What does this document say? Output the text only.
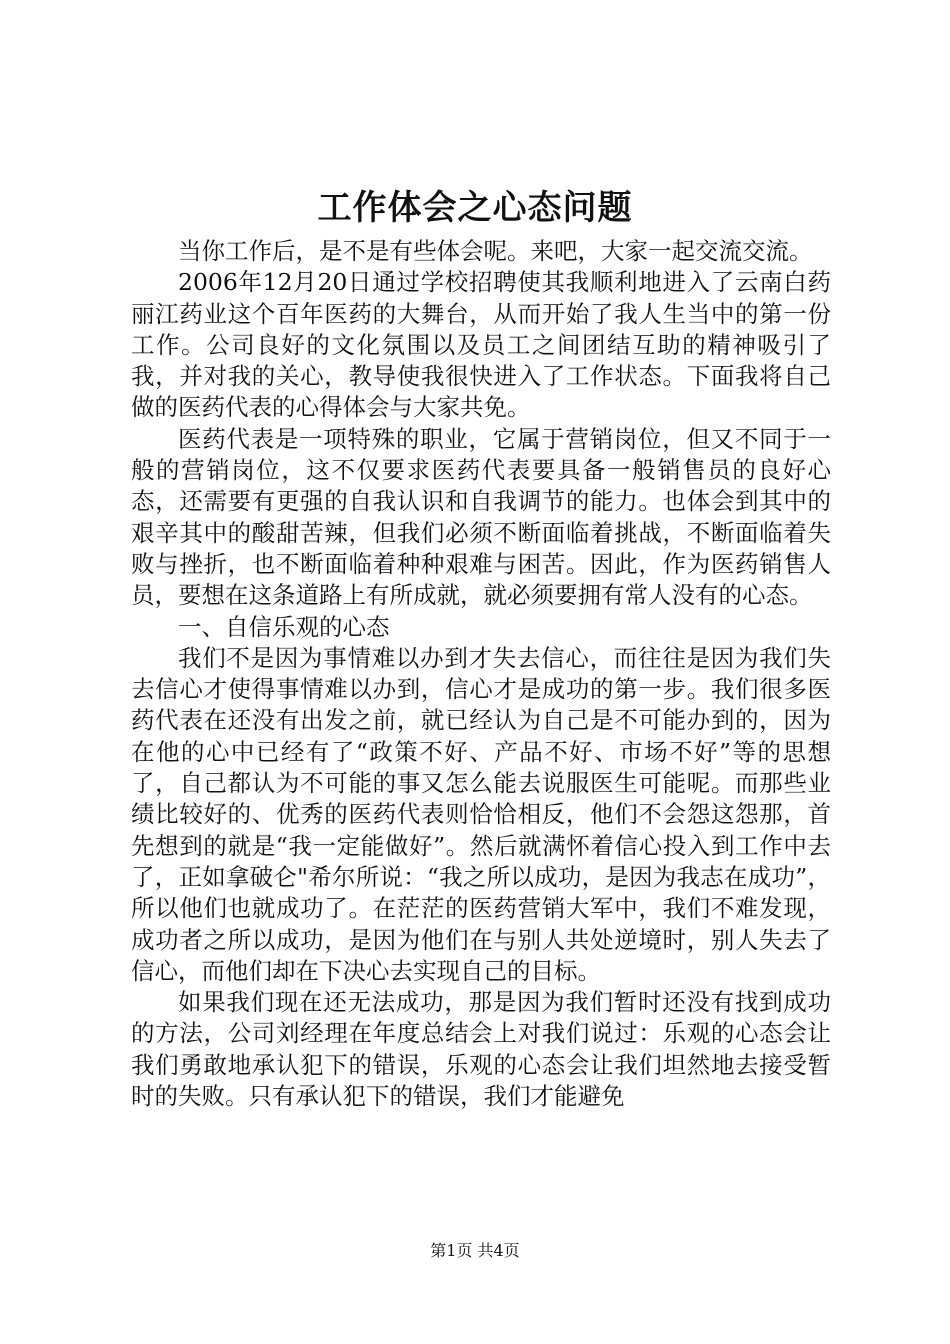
工作体会之心态问题

当你工作后，是不是有些体会呢。来吧，大家一起交流交流。

2006年12月20日通过学校招聘使其我顺利地进入了云南白药丽江药业这个百年医药的大舞台，从而开始了我人生当中的第一份工作。公司良好的文化氛围以及员工之间团结互助的精神吸引了我，并对我的关心，教导使我很快进入了工作状态。下面我将自己做的医药代表的心得体会与大家共免。

医药代表是一项特殊的职业，它属于营销岗位，但又不同于一般的营销岗位，这不仅要求医药代表要具备一般销售员的良好心态，还需要有更强的自我认识和自我调节的能力。也体会到其中的艰辛其中的酸甜苦辣，但我们必须不断面临着挑战，不断面临着失败与挫折，也不断面临着种种艰难与困苦。因此，作为医药销售人员，要想在这条道路上有所成就，就必须要拥有常人没有的心态。

一、自信乐观的心态

我们不是因为事情难以办到才失去信心，而往往是因为我们失去信心才使得事情难以办到，信心才是成功的第一步。我们很多医药代表在还没有出发之前，就已经认为自己是不可能办到的，因为在他的心中已经有了“政策不好、产品不好、市场不好”等的思想了，自己都认为不可能的事又怎么能去说服医生可能呢。而那些业绩比较好的、优秀的医药代表则恰恰相反，他们不会怨这怨那，首先想到的就是“我一定能做好”。然后就满怀着信心投入到工作中去了，正如拿破仑"希尔所说：“我之所以成功，是因为我志在成功”，所以他们也就成功了。在茫茫的医药营销大军中，我们不难发现，成功者之所以成功，是因为他们在与别人共处逆境时，别人失去了信心，而他们却在下决心去实现自己的目标。

如果我们现在还无法成功，那是因为我们暂时还没有找到成功的方法，公司刘经理在年度总结会上对我们说过：乐观的心态会让我们勇敢地承认犯下的错误，乐观的心态会让我们坦然地去接受暂时的失败。只有承认犯下的错误，我们才能避免

第1页 共4页
